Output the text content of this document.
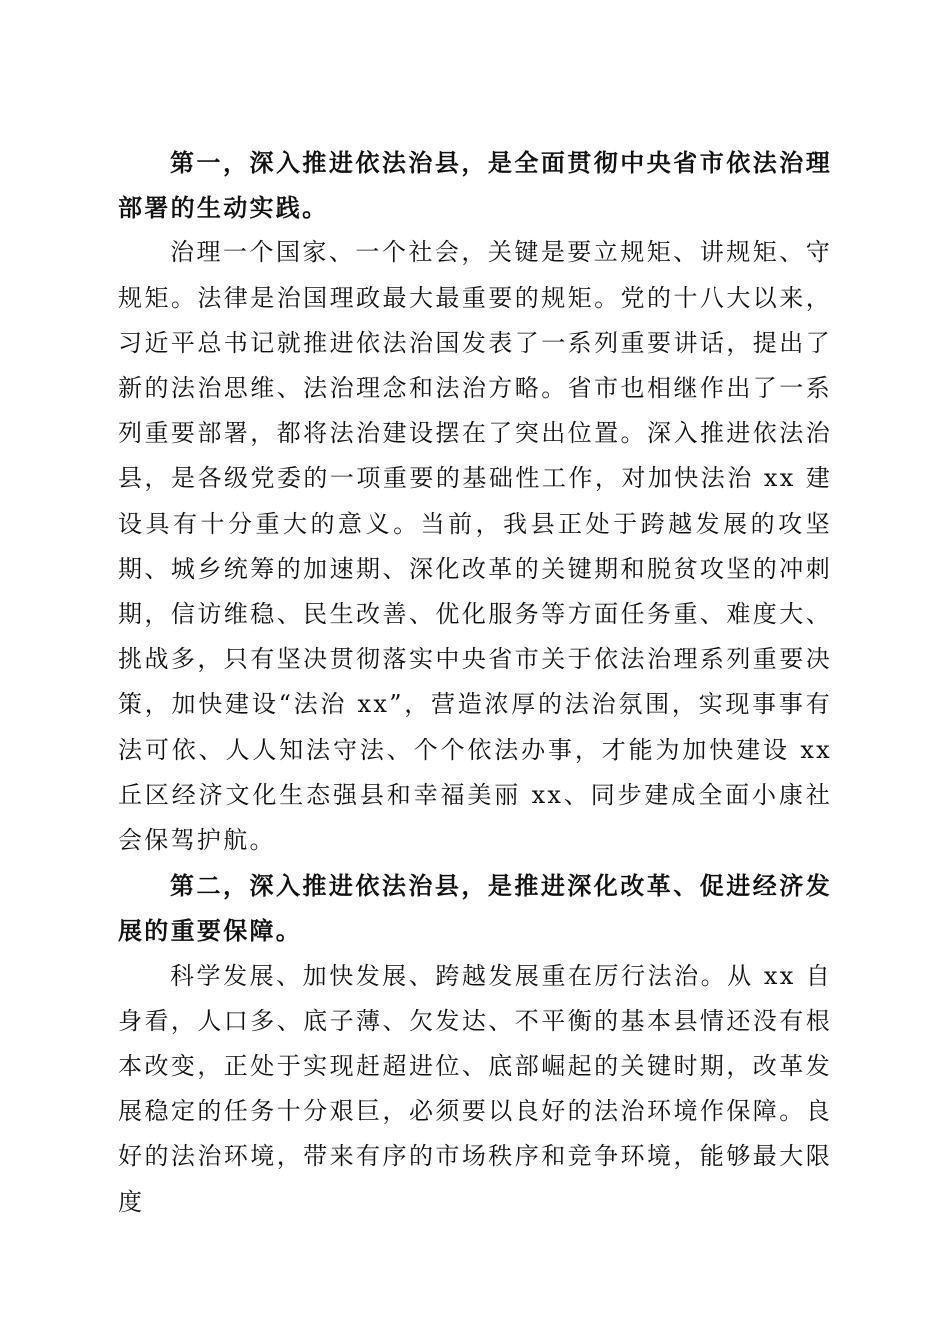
第一，深入推进依法治县，是全面贯彻中央省市依法治理部署的生动实践。

治理一个国家、一个社会，关键是要立规矩、讲规矩、守规矩。法律是治国理政最大最重要的规矩。党的十八大以来，习近平总书记就推进依法治国发表了一系列重要讲话，提出了新的法治思维、法治理念和法治方略。省市也相继作出了一系列重要部署，都将法治建设摆在了突出位置。深入推进依法治县，是各级党委的一项重要的基础性工作，对加快法治 xx 建设具有十分重大的意义。当前，我县正处于跨越发展的攻坚期、城乡统筹的加速期、深化改革的关键期和脱贫攻坚的冲刺期，信访维稳、民生改善、优化服务等方面任务重、难度大、挑战多，只有坚决贯彻落实中央省市关于依法治理系列重要决策，加快建设“法治 xx”，营造浓厚的法治氛围，实现事事有法可依、人人知法守法、个个依法办事，才能为加快建设 xx 丘区经济文化生态强县和幸福美丽 xx、同步建成全面小康社会保驾护航。

第二，深入推进依法治县，是推进深化改革、促进经济发展的重要保障。

科学发展、加快发展、跨越发展重在厉行法治。从 xx 自身看，人口多、底子薄、欠发达、不平衡的基本县情还没有根本改变，正处于实现赶超进位、底部崛起的关键时期，改革发展稳定的任务十分艰巨，必须要以良好的法治环境作保障。良好的法治环境，带来有序的市场秩序和竞争环境，能够最大限度
